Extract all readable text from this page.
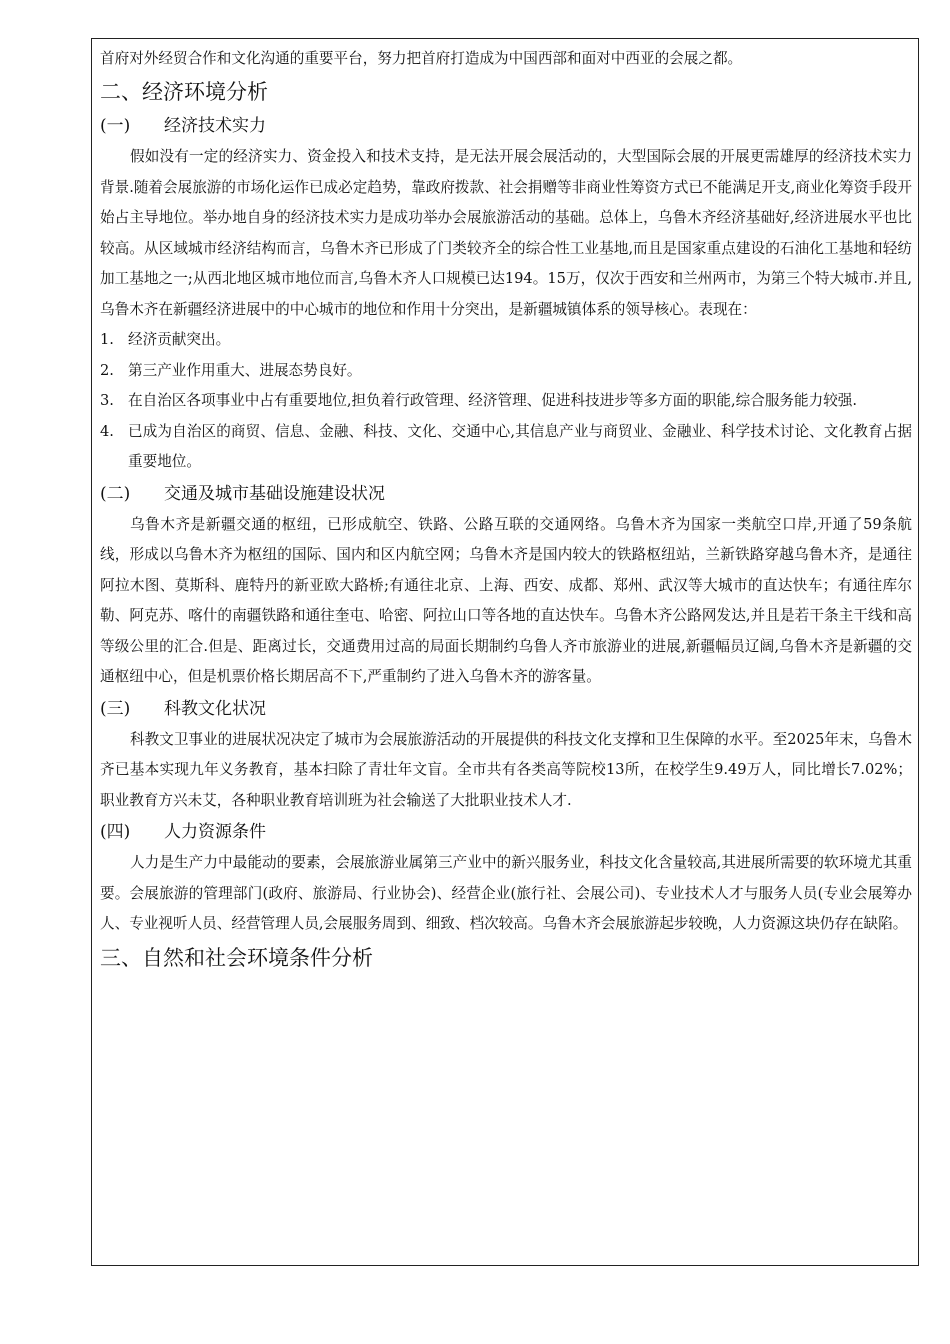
首府对外经贸合作和文化沟通的重要平台，努力把首府打造成为中国西部和面对中西亚的会展之都。
二、经济环境分析
(一)	经济技术实力

假如没有一定的经济实力、资金投入和技术支持，是无法开展会展活动的，大型国际会展的开展更需雄厚的经济技术实力背景.随着会展旅游的市场化运作已成必定趋势，靠政府拨款、社会捐赠等非商业性筹资方式已不能满足开支,商业化筹资手段开始占主导地位。举办地自身的经济技术实力是成功举办会展旅游活动的基础。总体上，乌鲁木齐经济基础好,经济进展水平也比较高。从区域城市经济结构而言，乌鲁木齐已形成了门类较齐全的综合性工业基地,而且是国家重点建设的石油化工基地和轻纺加工基地之一;从西北地区城市地位而言,乌鲁木齐人口规模已达194。15万，仅次于西安和兰州两市，为第三个特大城市.并且,乌鲁木齐在新疆经济进展中的中心城市的地位和作用十分突出，是新疆城镇体系的领导核心。表现在：

1. 经济贡献突出。
2. 第三产业作用重大、进展态势良好。
3. 在自治区各项事业中占有重要地位,担负着行政管理、经济管理、促进科技进步等多方面的职能,综合服务能力较强.
4. 已成为自治区的商贸、信息、金融、科技、文化、交通中心,其信息产业与商贸业、金融业、科学技术讨论、文化教育占据重要地位。
(二)	交通及城市基础设施建设状况

乌鲁木齐是新疆交通的枢纽，已形成航空、铁路、公路互联的交通网络。乌鲁木齐为国家一类航空口岸,开通了59条航线，形成以乌鲁木齐为枢纽的国际、国内和区内航空网；乌鲁木齐是国内较大的铁路枢纽站，兰新铁路穿越乌鲁木齐，是通往阿拉木图、莫斯科、鹿特丹的新亚欧大路桥;有通往北京、上海、西安、成都、郑州、武汉等大城市的直达快车；有通往库尔勒、阿克苏、喀什的南疆铁路和通往奎屯、哈密、阿拉山口等各地的直达快车。乌鲁木齐公路网发达,并且是若干条主干线和高等级公里的汇合.但是、距离过长，交通费用过高的局面长期制约乌鲁人齐市旅游业的进展,新疆幅员辽阔,乌鲁木齐是新疆的交通枢纽中心，但是机票价格长期居高不下,严重制约了进入乌鲁木齐的游客量。

(三)	科教文化状况

科教文卫事业的进展状况决定了城市为会展旅游活动的开展提供的科技文化支撑和卫生保障的水平。至2025年末，乌鲁木齐已基本实现九年义务教育，基本扫除了青壮年文盲。全市共有各类高等院校13所，在校学生9.49万人，同比增长7.02%；职业教育方兴未艾，各种职业教育培训班为社会输送了大批职业技术人才.

(四)	人力资源条件

人力是生产力中最能动的要素，会展旅游业属第三产业中的新兴服务业，科技文化含量较高,其进展所需要的软环境尤其重要。会展旅游的管理部门(政府、旅游局、行业协会)、经营企业(旅行社、会展公司)、专业技术人才与服务人员(专业会展筹办人、专业视听人员、经营管理人员,会展服务周到、细致、档次较高。乌鲁木齐会展旅游起步较晚，人力资源这块仍存在缺陷。

三、自然和社会环境条件分析
